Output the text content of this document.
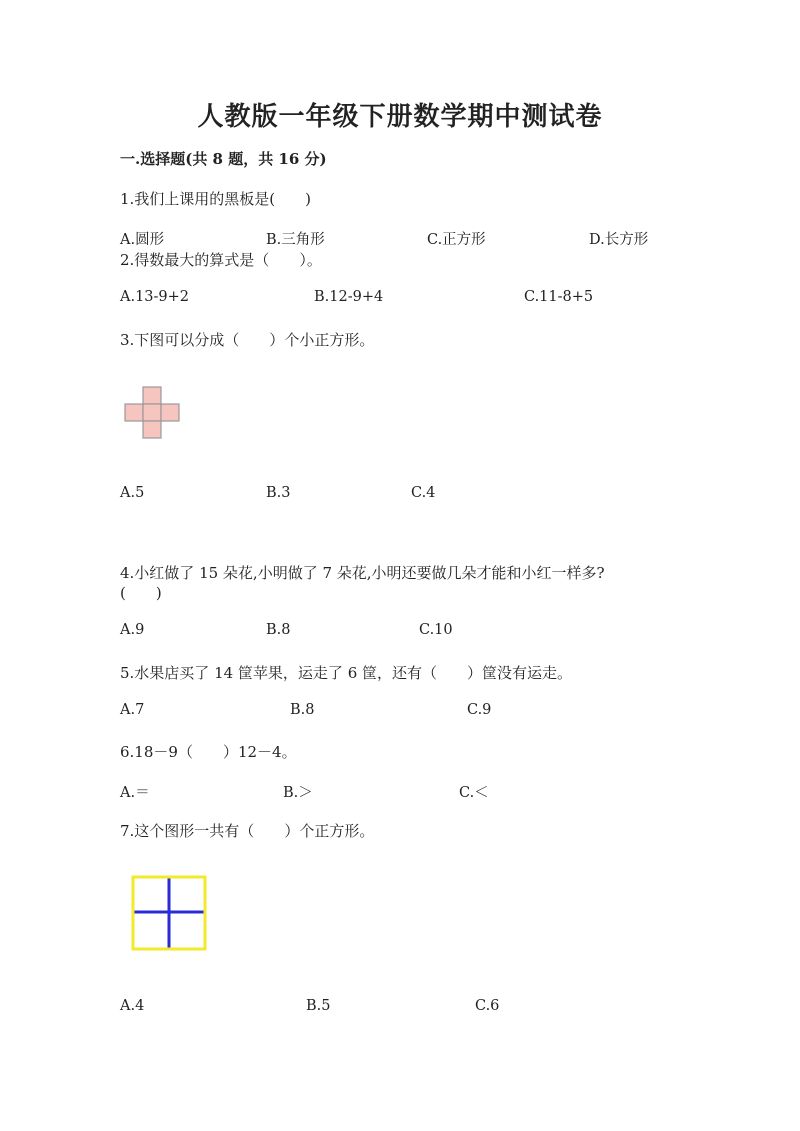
人教版一年级下册数学期中测试卷
一.选择题(共 8 题，共 16 分)
1.我们上课用的黑板是(　　)
A.圆形	B.三角形	C.正方形	D.长方形
2.得数最大的算式是（　　）。
A.13-9+2	B.12-9+4	C.11-8+5
3.下图可以分成（　　）个小正方形。
A.5	B.3	C.4
4.小红做了 15 朵花,小明做了 7 朵花,小明还要做几朵才能和小红一样多?
(　　)
A.9	B.8	C.10
5.水果店买了 14 筐苹果，运走了 6 筐，还有（　　）筐没有运走。
A.7	B.8	C.9
6.18－9（　　）12－4。
A.＝	B.＞	C.＜
7.这个图形一共有（　　）个正方形。
A.4	B.5	C.6
